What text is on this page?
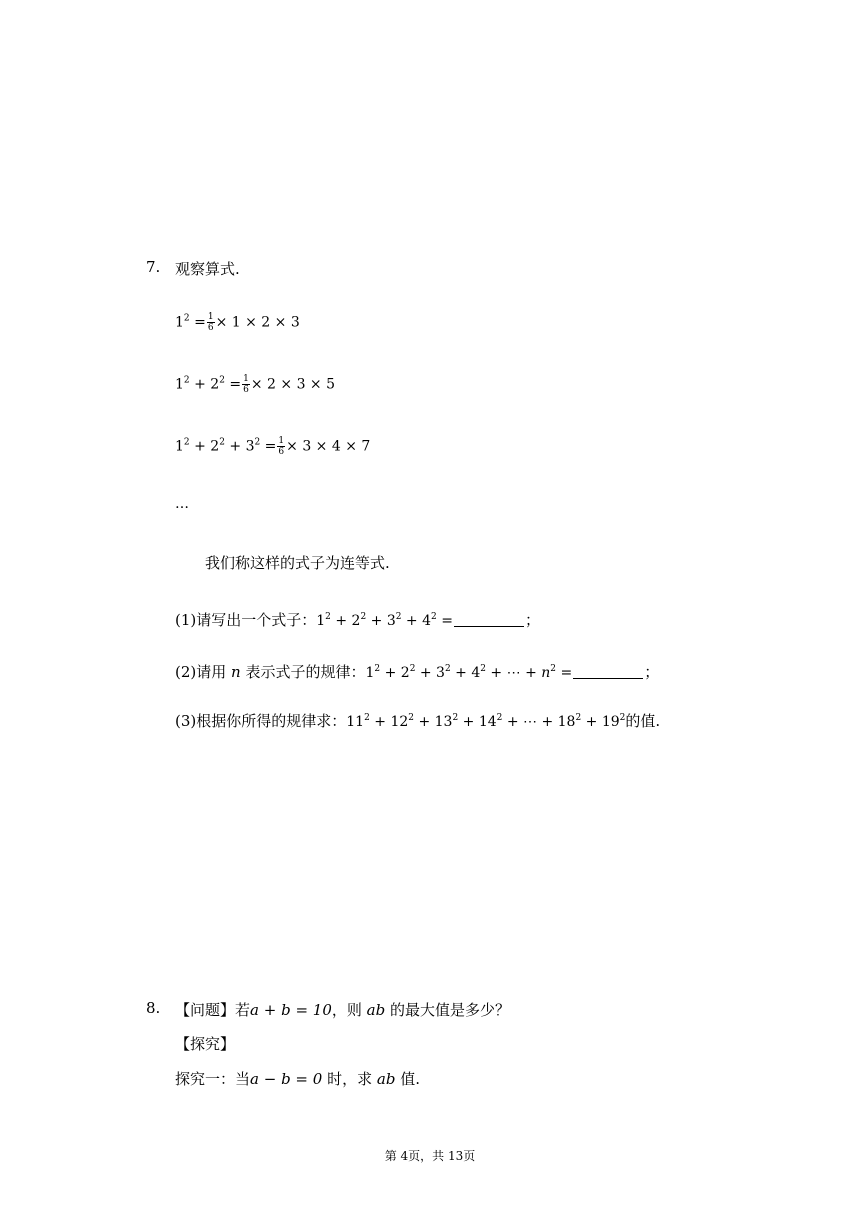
7. 观察算式.
$1^2 = \frac{1}{6} \times 1 \times 2 \times 3$
$1^2 + 2^2 = \frac{1}{6} \times 2 \times 3 \times 5$
$1^2 + 2^2 + 3^2 = \frac{1}{6} \times 3 \times 4 \times 7$
…
我们称这样的式子为连等式.
(1)请写出一个式子：$1^2 + 2^2 + 3^2 + 4^2$ =	；
(2)请用 n 表示式子的规律：$1^2 + 2^2 + 3^2 + 4^2$ + ⋯ + $n^2$ =	；
(3)根据你所得的规律求：$11^2 + 12^2 + 13^2 + 14^2$ + ⋯ + $18^2 + 19^2$的值.
8. 【问题】若a + b = 10，则 ab 的最大值是多少？
【探究】
探究一：当a − b = 0 时，求 ab 值.
第 4页，共 13页
